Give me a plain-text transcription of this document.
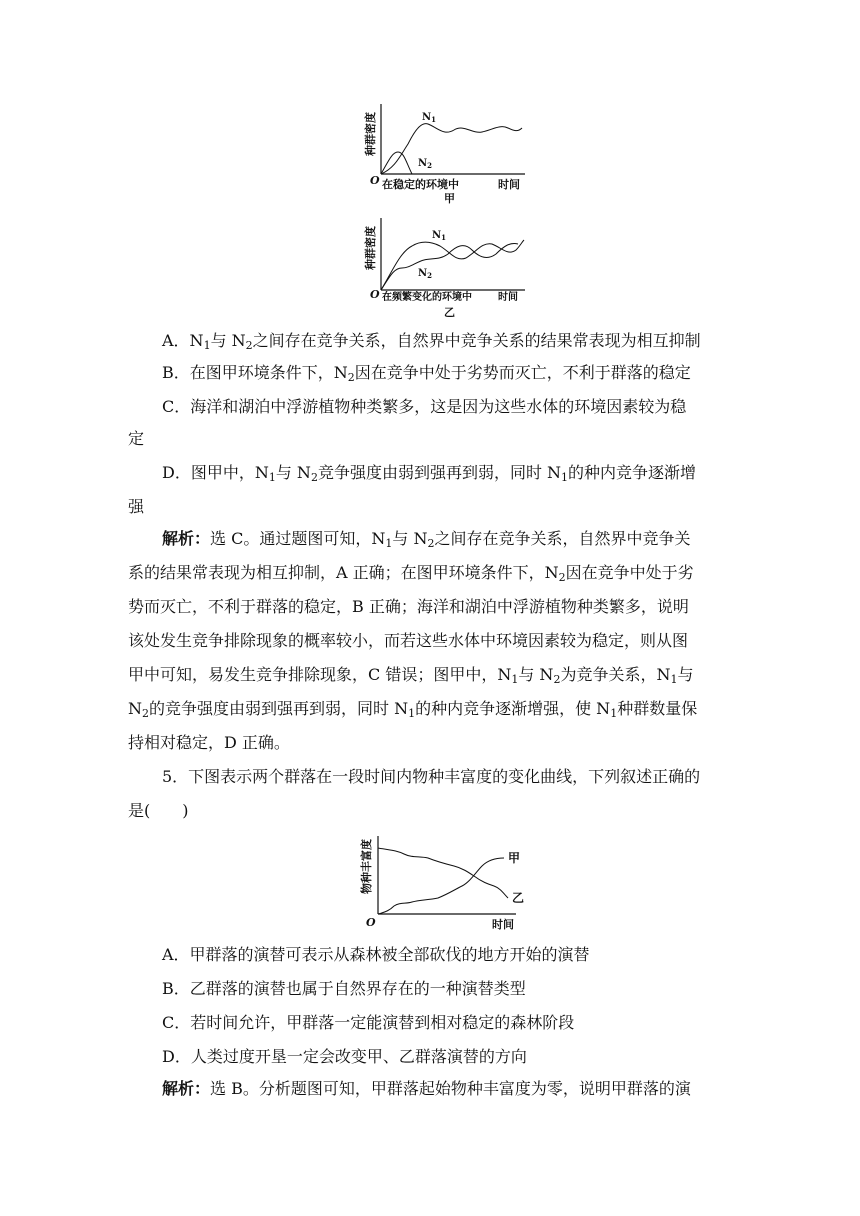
种群密度	$N_1$
$N_2$
O 在稳定的环境中	时间
甲
种群密度	$N_1$
$N_2$
O 在频繁变化的环境中	时间
乙
A．$N_1$与 $N_2$之间存在竞争关系，自然界中竞争关系的结果常表现为相互抑制
B．在图甲环境条件下，$N_2$因在竞争中处于劣势而灭亡，不利于群落的稳定
C．海洋和湖泊中浮游植物种类繁多，这是因为这些水体的环境因素较为稳
定
D．图甲中，$N_1$与 $N_2$竞争强度由弱到强再到弱，同时 $N_1$的种内竞争逐渐增
强
解析：选 C。通过题图可知，$N_1$与 $N_2$之间存在竞争关系，自然界中竞争关
系的结果常表现为相互抑制，A 正确；在图甲环境条件下，$N_2$因在竞争中处于劣
势而灭亡，不利于群落的稳定，B 正确；海洋和湖泊中浮游植物种类繁多，说明
该处发生竞争排除现象的概率较小，而若这些水体中环境因素较为稳定，则从图
甲中可知，易发生竞争排除现象，C 错误；图甲中，$N_1$与 $N_2$为竞争关系，$N_1$与
$N_2$的竞争强度由弱到强再到弱，同时 $N_1$的种内竞争逐渐增强，使 $N_1$种群数量保
持相对稳定，D 正确。
5．下图表示两个群落在一段时间内物种丰富度的变化曲线，下列叙述正确的
是(　　)
物种丰富度	甲
乙
O	时间
A．甲群落的演替可表示从森林被全部砍伐的地方开始的演替
B．乙群落的演替也属于自然界存在的一种演替类型
C．若时间允许，甲群落一定能演替到相对稳定的森林阶段
D．人类过度开垦一定会改变甲、乙群落演替的方向
解析：选 B。分析题图可知，甲群落起始物种丰富度为零，说明甲群落的演
